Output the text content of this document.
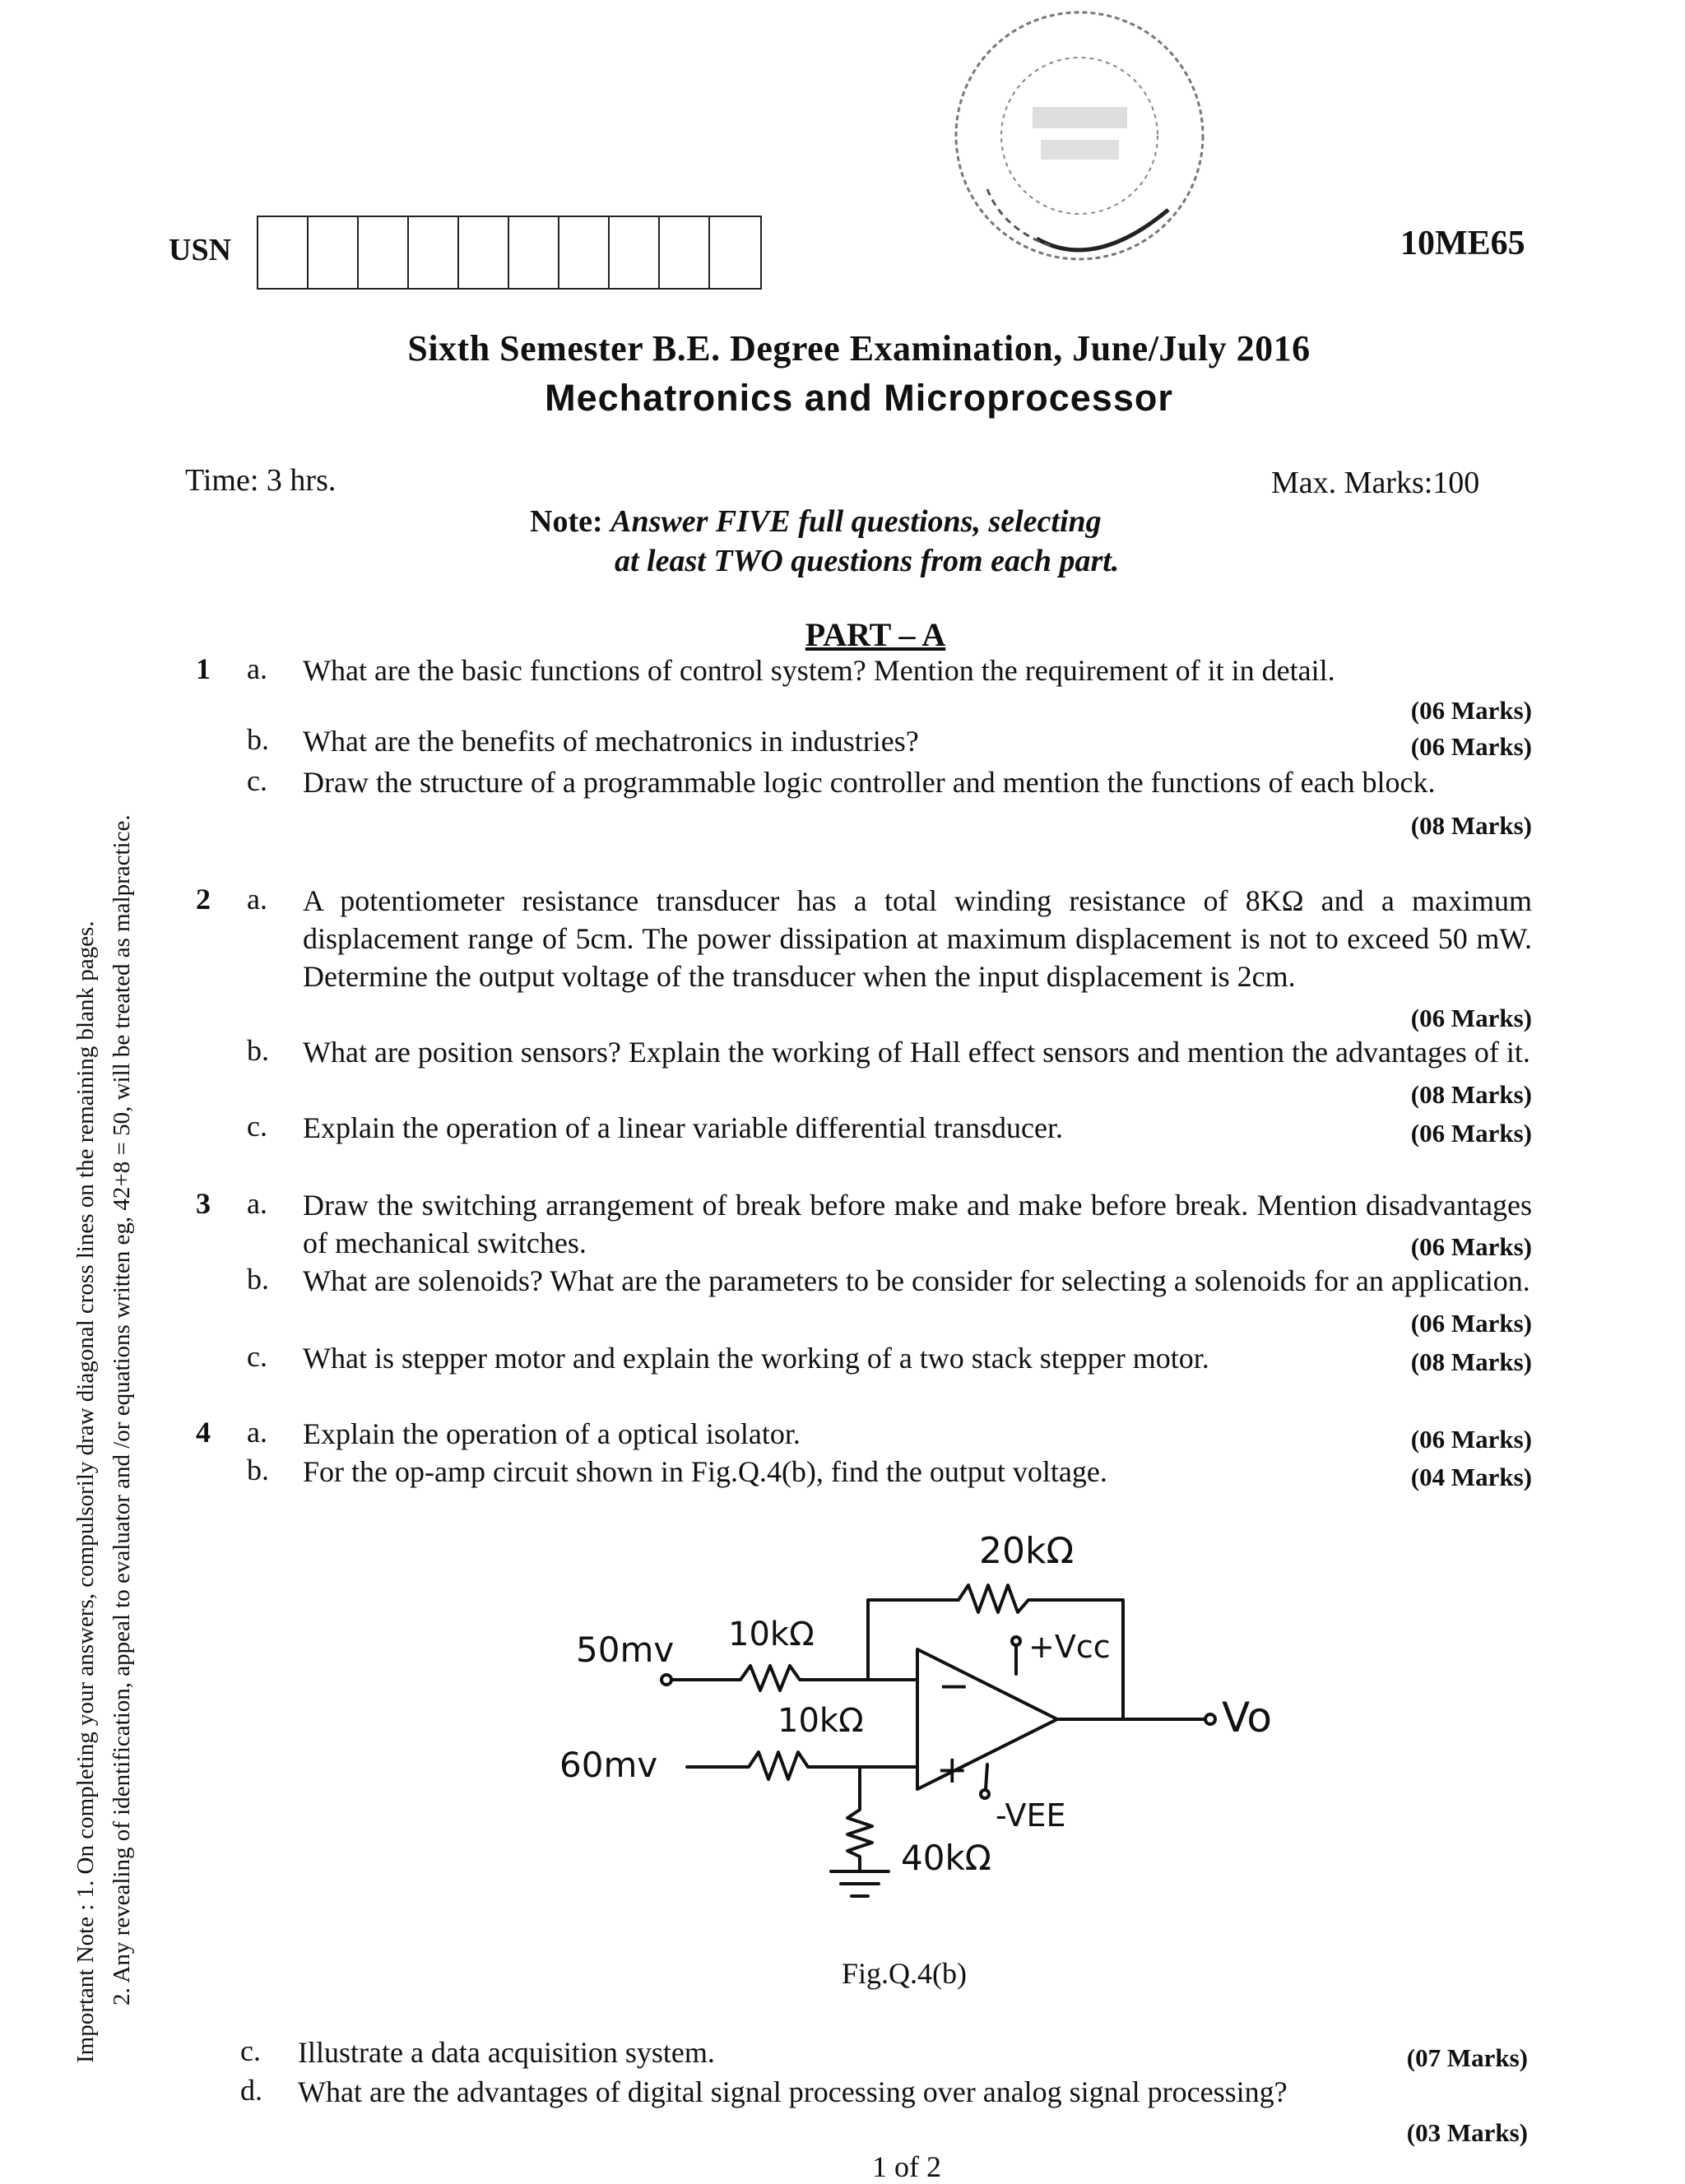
USN	10ME65
Sixth Semester B.E. Degree Examination, June/July 2016
Mechatronics and Microprocessor
Time: 3 hrs.	Max. Marks:100
Note: Answer FIVE full questions, selecting
at least TWO questions from each part.
PART – A
1 a. What are the basic functions of control system? Mention the requirement of it in detail.
(06 Marks)
b. What are the benefits of mechatronics in industries?	(06 Marks)
c. Draw the structure of a programmable logic controller and mention the functions of each block.
(08 Marks)
2 a. A potentiometer resistance transducer has a total winding resistance of 8KΩ and a maximum displacement range of 5cm. The power dissipation at maximum displacement is not to exceed 50 mW. Determine the output voltage of the transducer when the input displacement is 2cm.
(06 Marks)
b. What are position sensors? Explain the working of Hall effect sensors and mention the advantages of it.
(08 Marks)
c. Explain the operation of a linear variable differential transducer.	(06 Marks)
3 a. Draw the switching arrangement of break before make and make before break. Mention disadvantages of mechanical switches.	(06 Marks)
b. What are solenoids? What are the parameters to be consider for selecting a solenoids for an application.
(06 Marks)
c. What is stepper motor and explain the working of a two stack stepper motor.	(08 Marks)
4 a. Explain the operation of a optical isolator.	(06 Marks)
b. For the op-amp circuit shown in Fig.Q.4(b), find the output voltage.	(04 Marks)
20kΩ
10kΩ
50mv
10kΩ
60mv
40kΩ
+Vcc
-VEE
Vo
−
+
Fig.Q.4(b)
c. Illustrate a data acquisition system.	(07 Marks)
d. What are the advantages of digital signal processing over analog signal processing?
(03 Marks)
1 of 2
Important Note : 1. On completing your answers, compulsorily draw diagonal cross lines on the remaining blank pages. 2. Any revealing of identification, appeal to evaluator and /or equations written eg, 42+8 = 50, will be treated as malpractice.
